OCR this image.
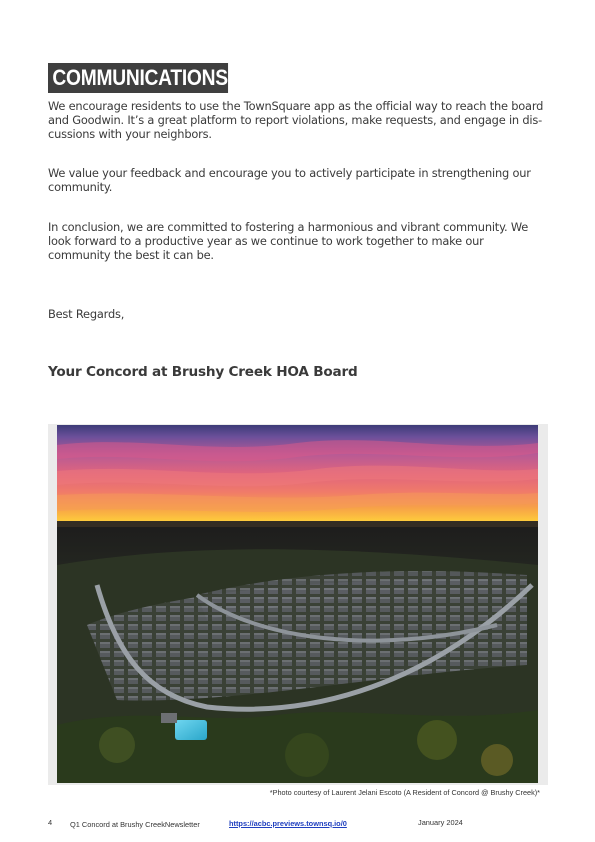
COMMUNICATIONS

We encourage residents to use the TownSquare app as the official way to reach the board and Goodwin. It’s a great platform to report violations, make requests, and engage in discussions with your neighbors.

We value your feedback and encourage you to actively participate in strengthening our community.

In conclusion, we are committed to fostering a harmonious and vibrant community. We look forward to a productive year as we continue to work together to make our community the best it can be.

Best Regards,

Your Concord at Brushy Creek HOA Board

*Photo courtesy of Laurent Jelani Escoto (A Resident of Concord @ Brushy Creek)*
4 Q1 Concord at Brushy CreekNewsletter	https://acbc.previews.townsq.io/0	January 2024
